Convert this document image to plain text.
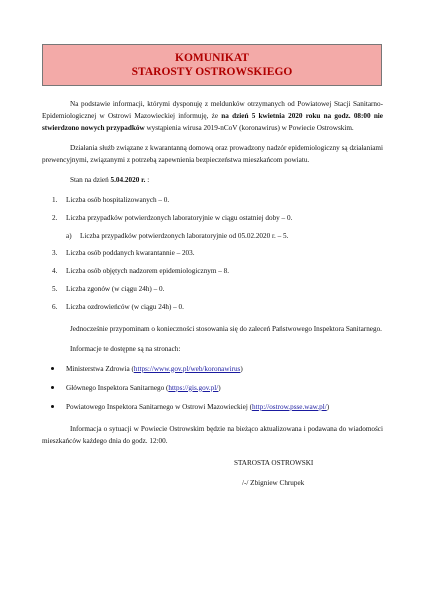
KOMUNIKAT
STAROSTY OSTROWSKIEGO

Na podstawie informacji, którymi dysponuję z meldunków otrzymanych od Powiatowej Stacji Sanitarno-Epidemiologicznej w Ostrowi Mazowieckiej informuję, że na dzień 5 kwietnia 2020 roku na godz. 08:00 nie stwierdzono nowych przypadków wystąpienia wirusa 2019-nCoV (koronawirus) w Powiecie Ostrowskim.

Działania służb związane z kwarantanną domową oraz prowadzony nadzór epidemiologiczny są działaniami prewencyjnymi, związanymi z potrzebą zapewnienia bezpieczeństwa mieszkańcom powiatu.

Stan na dzień 5.04.2020 r. :

1. Liczba osób hospitalizowanych – 0.
2. Liczba przypadków potwierdzonych laboratoryjnie w ciągu ostatniej doby – 0.
a) Liczba przypadków potwierdzonych laboratoryjnie od 05.02.2020 r. – 5.
3. Liczba osób poddanych kwarantannie – 203.
4. Liczba osób objętych nadzorem epidemiologicznym – 8.
5. Liczba zgonów (w ciągu 24h) – 0.
6. Liczba ozdrowieńców (w ciągu 24h) – 0.

Jednocześnie przypominam o konieczności stosowania się do zaleceń Państwowego Inspektora Sanitarnego.

Informacje te dostępne są na stronach:

Ministerstwa Zdrowia (https://www.gov.pl/web/koronawirus)
Głównego Inspektora Sanitarnego (https://gis.gov.pl/)
Powiatowego Inspektora Sanitarnego w Ostrowi Mazowieckiej (http://ostrow.psse.waw.pl/)

Informacja o sytuacji w Powiecie Ostrowskim będzie na bieżąco aktualizowana i podawana do wiadomości mieszkańców każdego dnia do godz. 12:00.

STAROSTA OSTROWSKI

/-/ Zbigniew Chrupek
